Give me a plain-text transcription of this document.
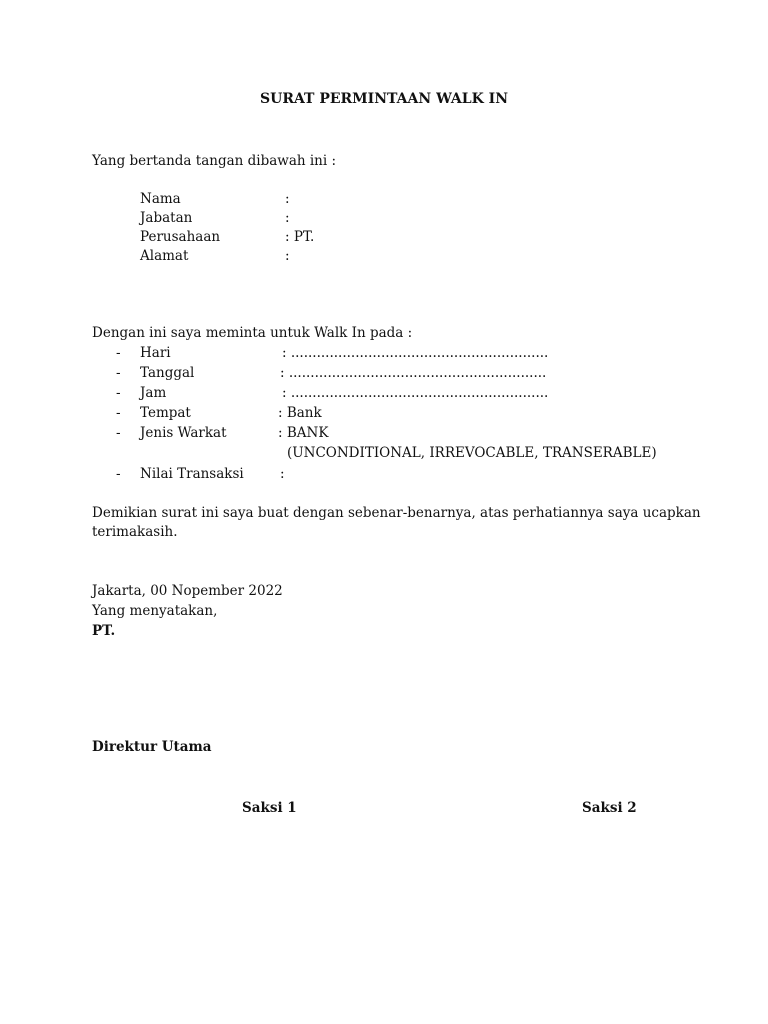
SURAT PERMINTAAN WALK IN
Yang bertanda tangan dibawah ini :
Nama	:
Jabatan	:
Perusahaan	: PT.
Alamat	:
Dengan ini saya meminta untuk Walk In pada :
- Hari	: ............................................................
- Tanggal	: ............................................................
- Jam	: ............................................................
- Tempat	: Bank
- Jenis Warkat	: BANK
(UNCONDITIONAL, IRREVOCABLE, TRANSERABLE)
- Nilai Transaksi	:
Demikian surat ini saya buat dengan sebenar-benarnya, atas perhatiannya saya ucapkan
terimakasih.
Jakarta, 00 Nopember 2022
Yang menyatakan,
PT.
Direktur Utama
Saksi 1	Saksi 2
